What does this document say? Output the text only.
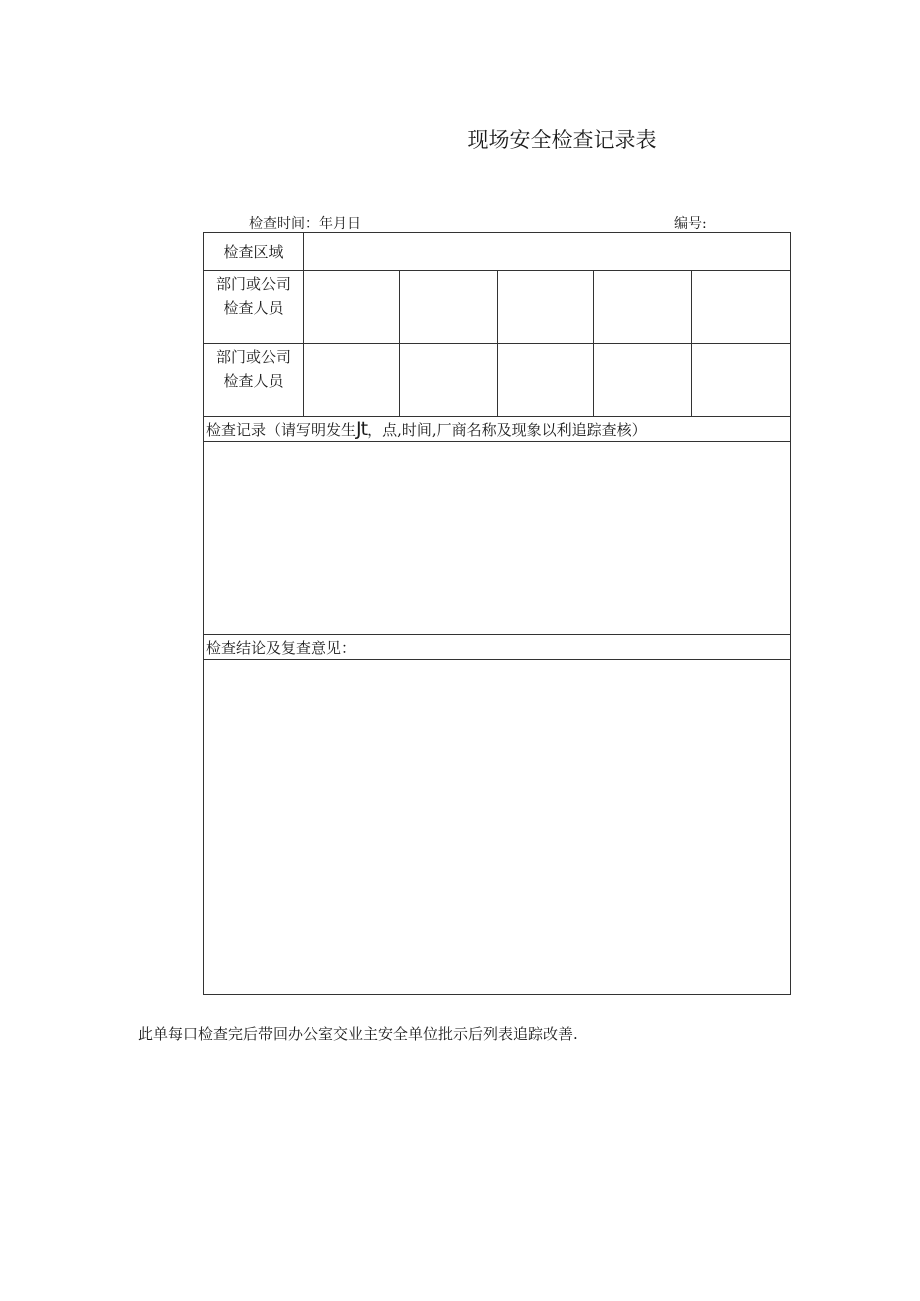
现场安全检查记录表
检查时间：年月日	编号:
检查区域					

部门或公司
检查人员					

部门或公司
检查人员					

检查记录（请写明发生Jt，点,时间,厂商名称及现象以利追踪查核）					

检查结论及复查意见：					

此单每口检查完后带回办公室交业主安全单位批示后列表追踪改善.
